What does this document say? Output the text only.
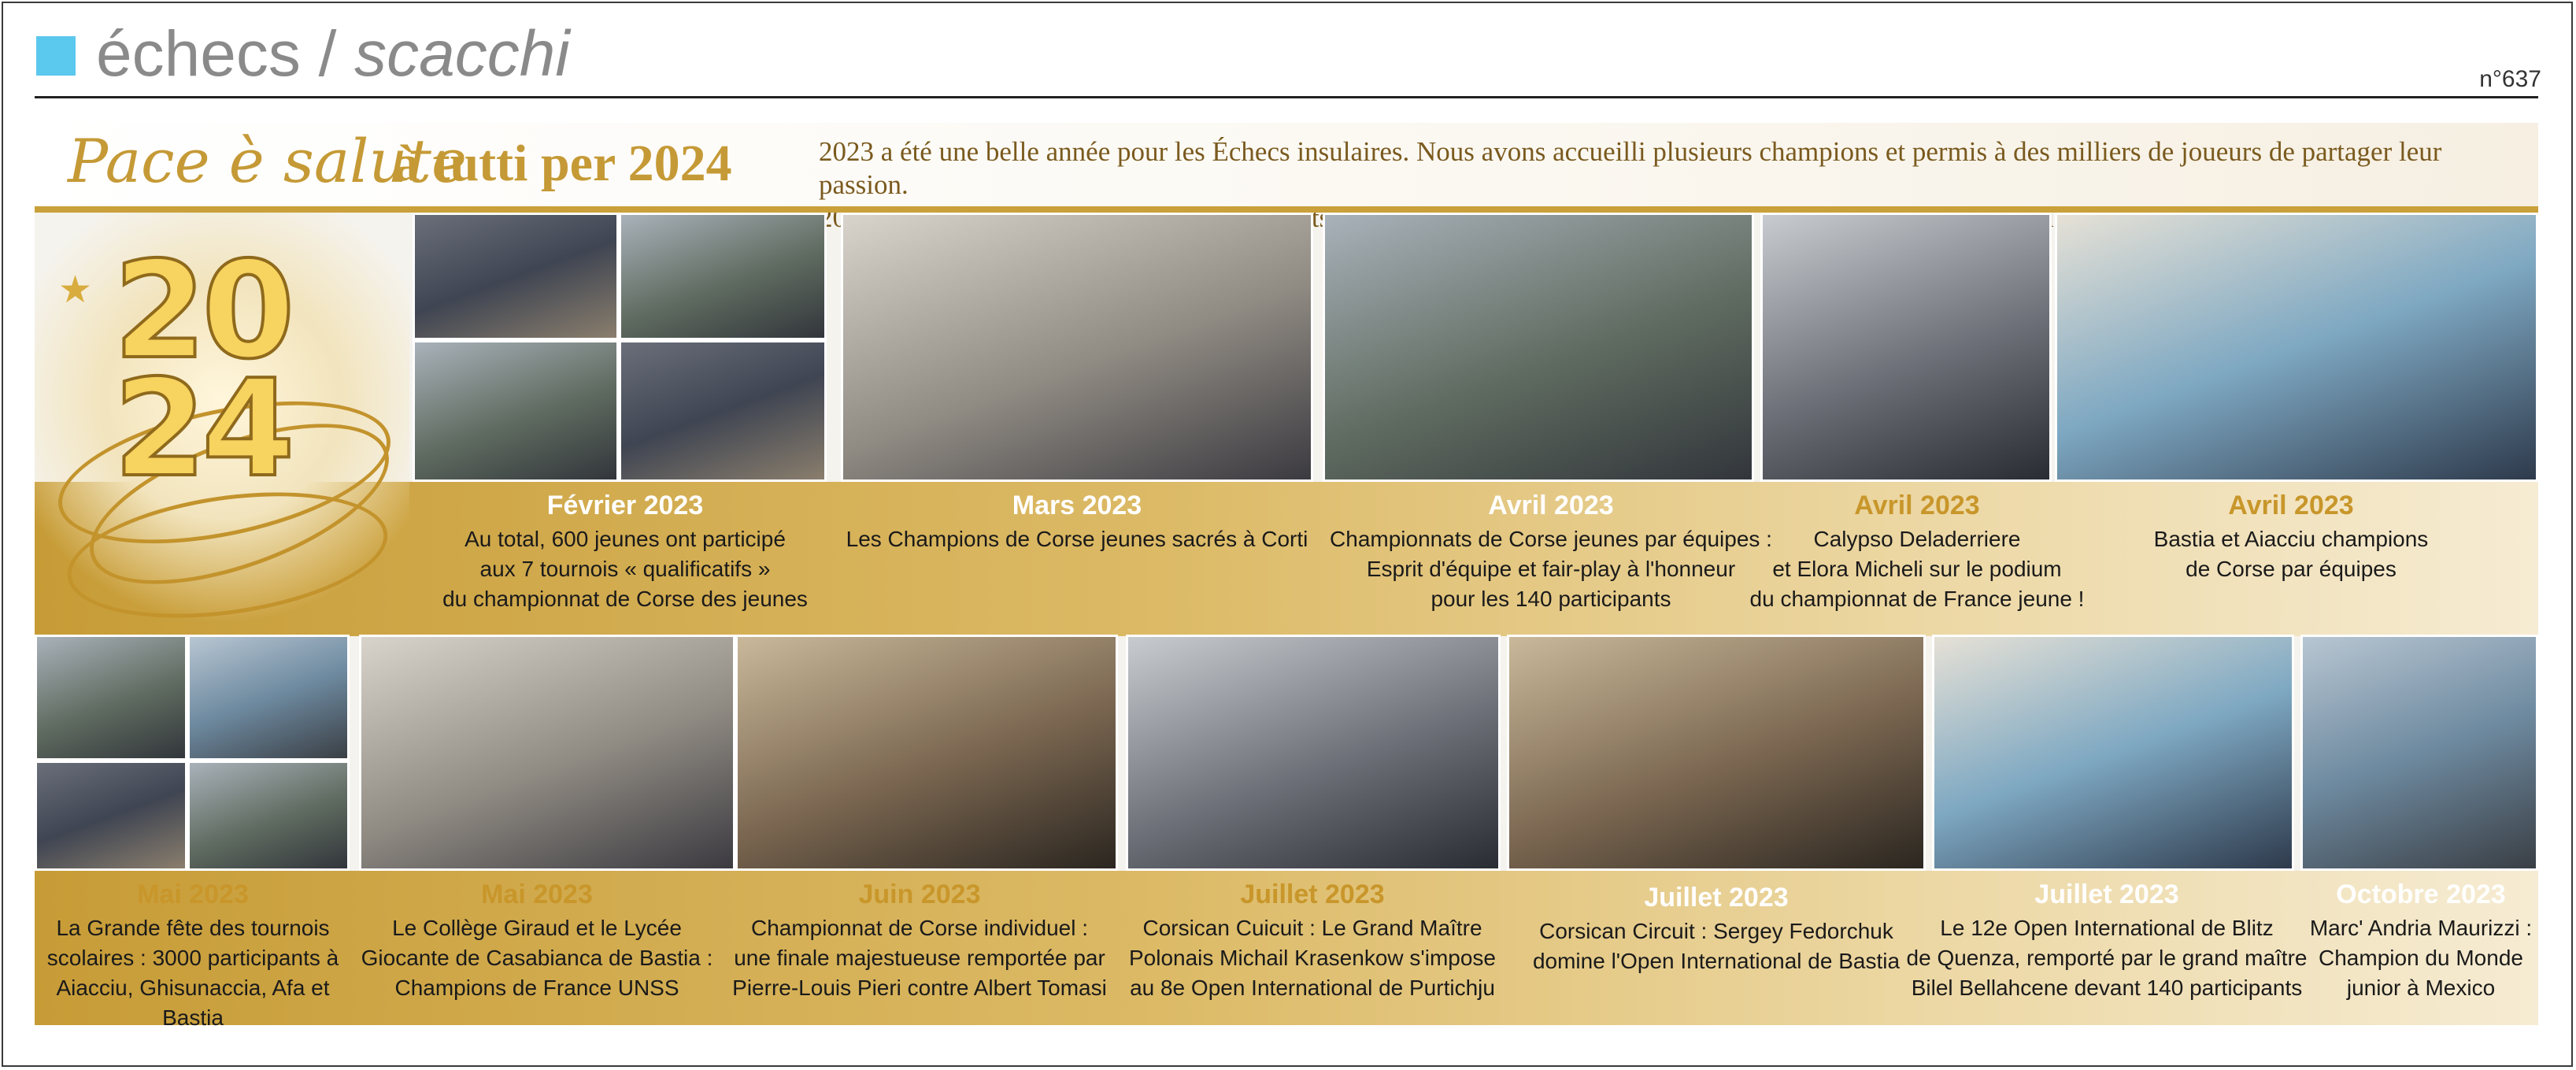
échecs / scacchi	n°637
Pace è salute
à tutti per 2024	2023 a été une belle année pour les Échecs insulaires. Nous avons accueilli plusieurs champions et permis à des milliers de joueurs de partager leur passion.
★ 20
24	Février 2023
Au total, 600 jeunes ont participé
aux 7 tournois « qualificatifs »
du championnat de Corse des jeunes
Mars 2023
Les Champions de Corse jeunes sacrés à Corti
Avril 2023
Championnats de Corse jeunes par équipes :
Esprit d'équipe et fair-play à l'honneur
pour les 140 participants
Avril 2023
Calypso Deladerriere
et Elora Micheli sur le podium
du championnat de France jeune !
Avril 2023
Bastia et Aiacciu champions
de Corse par équipes
Mai 2023
La Grande fête des tournois
scolaires : 3000 participants à
Aiacciu, Ghisunaccia, Afa et Bastia
Mai 2023
Le Collège Giraud et le Lycée
Giocante de Casabianca de Bastia :
Champions de France UNSS
Juin 2023
Championnat de Corse individuel :
une finale majestueuse remportée par
Pierre-Louis Pieri contre Albert Tomasi
Juillet 2023
Corsican Cuicuit : Le Grand Maître
Polonais Michail Krasenkow s'impose
au 8e Open International de Purtichju
Juillet 2023
Corsican Circuit : Sergey Fedorchuk
domine l'Open International de Bastia
Juillet 2023
Le 12e Open International de Blitz
de Quenza, remporté par le grand maître
Bilel Bellahcene devant 140 participants
Octobre 2023
Marc' Andria Maurizzi :
Champion du Monde
junior à Mexico
